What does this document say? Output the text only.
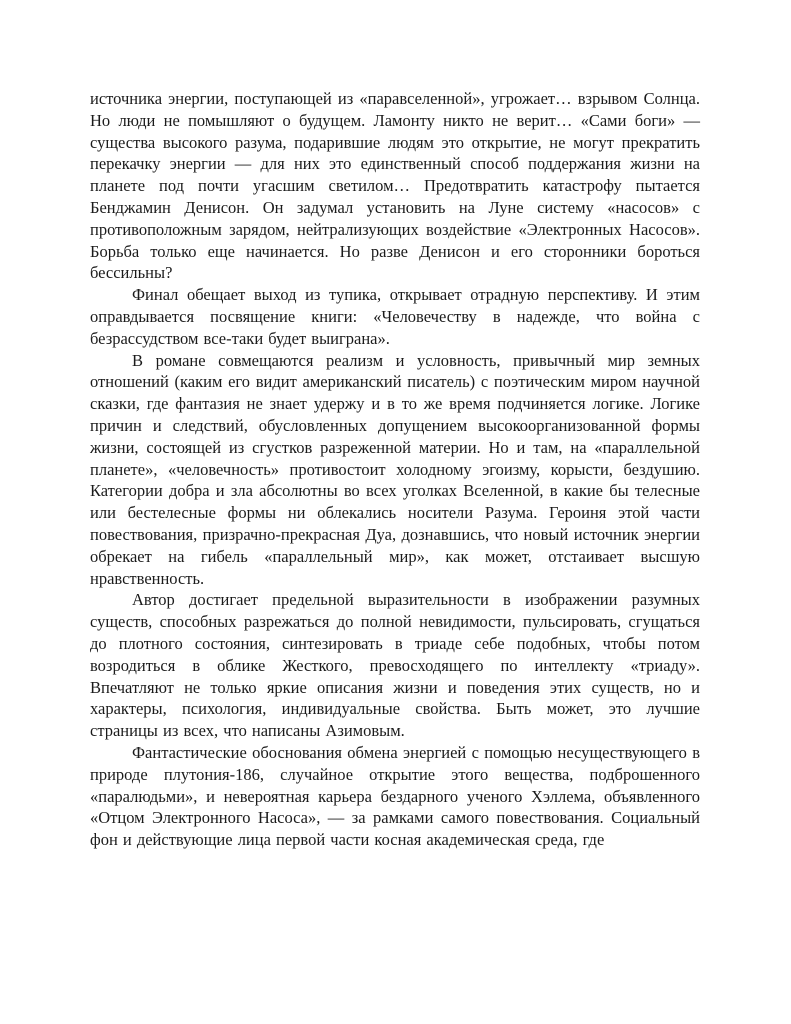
источника энергии, поступающей из «паравселенной», угрожает… взрывом Солнца. Но люди не помышляют о будущем. Ламонту никто не верит… «Сами боги» — существа высокого разума, подарившие людям это открытие, не могут прекратить перекачку энергии — для них это единственный способ поддержания жизни на планете под почти угасшим светилом… Предотвратить катастрофу пытается Бенджамин Денисон. Он задумал установить на Луне систему «насосов» с противоположным зарядом, нейтрализующих воздействие «Электронных Насосов». Борьба только еще начинается. Но разве Денисон и его сторонники бороться бессильны?

Финал обещает выход из тупика, открывает отрадную перспективу. И этим оправдывается посвящение книги: «Человечеству в надежде, что война с безрассудством все-таки будет выиграна».

В романе совмещаются реализм и условность, привычный мир земных отношений (каким его видит американский писатель) с поэтическим миром научной сказки, где фантазия не знает удержу и в то же время подчиняется логике. Логике причин и следствий, обусловленных допущением высокоорганизованной формы жизни, состоящей из сгустков разреженной материи. Но и там, на «параллельной планете», «человечность» противостоит холодному эгоизму, корысти, бездушию. Категории добра и зла абсолютны во всех уголках Вселенной, в какие бы телесные или бестелесные формы ни облекались носители Разума. Героиня этой части повествования, призрачно-прекрасная Дуа, дознавшись, что новый источник энергии обрекает на гибель «параллельный мир», как может, отстаивает высшую нравственность.

Автор достигает предельной выразительности в изображении разумных существ, способных разрежаться до полной невидимости, пульсировать, сгущаться до плотного состояния, синтезировать в триаде себе подобных, чтобы потом возродиться в облике Жесткого, превосходящего по интеллекту «триаду». Впечатляют не только яркие описания жизни и поведения этих существ, но и характеры, психология, индивидуальные свойства. Быть может, это лучшие страницы из всех, что написаны Азимовым.

Фантастические обоснования обмена энергией с помощью несуществующего в природе плутония-186, случайное открытие этого вещества, подброшенного «паралюдьми», и невероятная карьера бездарного ученого Хэллема, объявленного «Отцом Электронного Насоса», — за рамками самого повествования. Социальный фон и действующие лица первой части косная академическая среда, где
